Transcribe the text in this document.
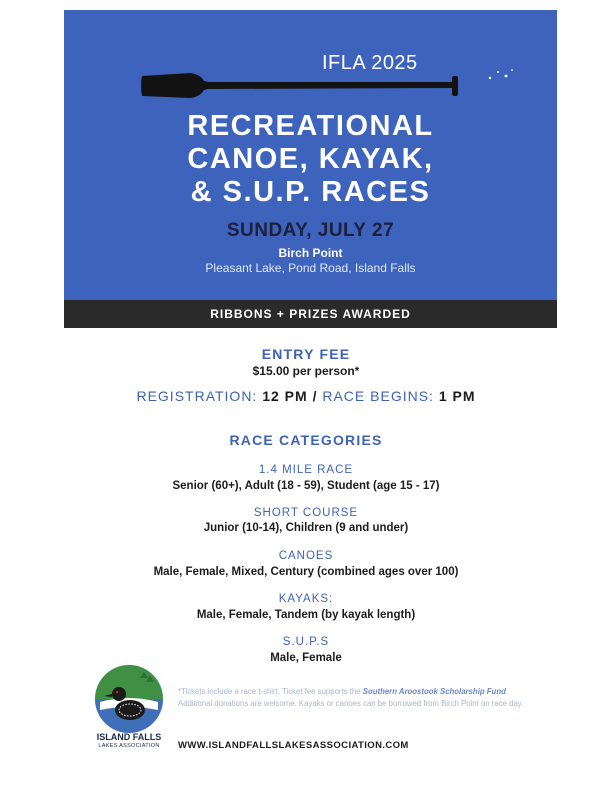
IFLA 2025
RECREATIONAL
CANOE, KAYAK,
& S.U.P. RACES
SUNDAY, JULY 27
Birch Point
Pleasant Lake, Pond Road, Island Falls
RIBBONS + PRIZES AWARDED
ENTRY FEE
$15.00 per person*
REGISTRATION: 12 PM / RACE BEGINS: 1 PM
RACE CATEGORIES
1.4 MILE RACE
Senior (60+), Adult (18 - 59), Student (age 15 - 17)
SHORT COURSE
Junior (10-14), Children (9 and under)
CANOES
Male, Female, Mixed, Century (combined ages over 100)
KAYAKS:
Male, Female, Tandem (by kayak length)
S.U.P.S
Male, Female
ISLAND FALLS
LAKES ASSOCIATION
*Tickets include a race t-shirt. Ticket fee supports the Southern Aroostook Scholarship Fund. Additional donations are welcome. Kayaks or canoes can be borrowed from Birch Point on race day.
WWW.ISLANDFALLSLAKESASSOCIATION.COM
